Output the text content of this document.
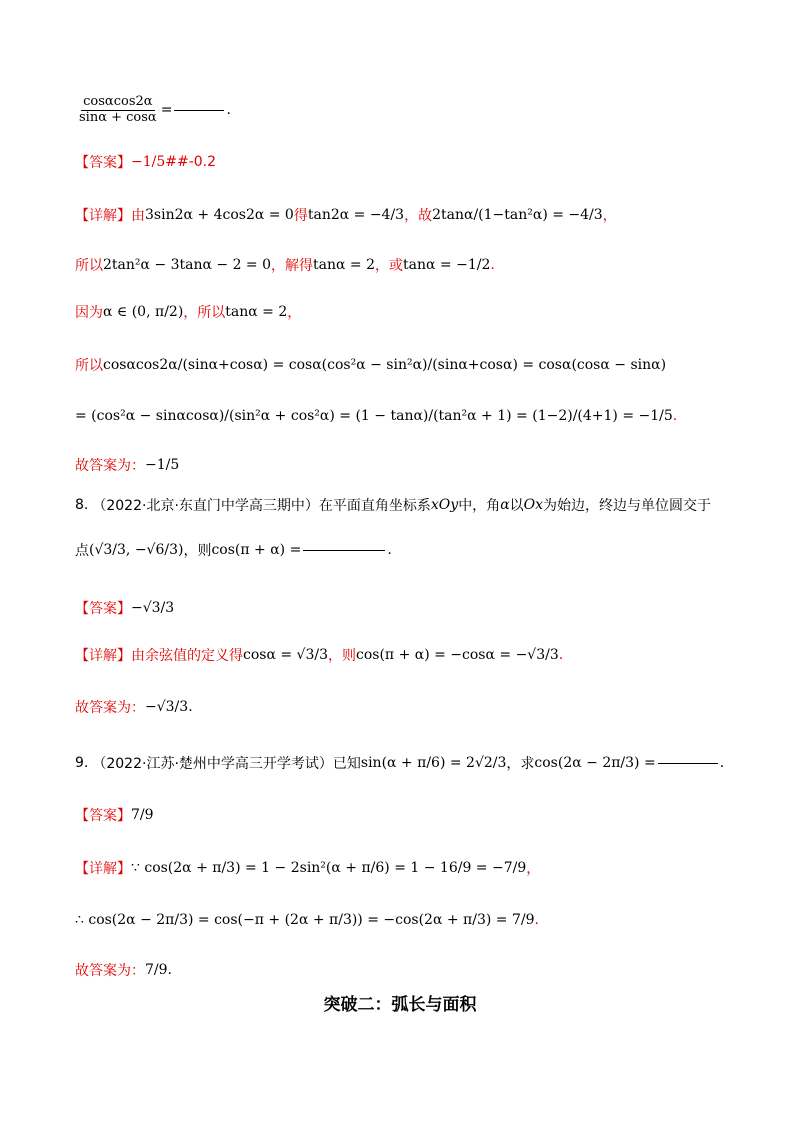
$\frac{\cos\alpha\cos 2\alpha}{\sin\alpha + \cos\alpha}$ =	.
【答案】 −1/5 ##-0.2
【详解】 由 3sin2α + 4cos2α = 0 得 tan2α = −4/3 ，故 2tanα/(1−tan²α) = −4/3 ，
所以 2tan²α − 3tanα − 2 = 0 ，解得 tanα = 2 ，或 tanα = −1/2 .
因为 α ∈ (0, π/2) ，所以 tanα = 2 ，
所以 cosαcos2α/(sinα+cosα) = cosα(cos²α − sin²α)/(sinα+cosα) = cosα(cosα − sinα)
= (cos²α − sinαcosα)/(sin²α + cos²α) = (1 − tanα)/(tan²α + 1) = (1−2)/(4+1) = −1/5 .
故答案为： −1/5
8. （2022·北京·东直门中学高三期中） 在平面直角坐标系 xOy 中，角 α 以 Ox 为始边，终边与单位圆交于
点 (√3/3, −√6/3) ，则 cos(π + α) =	.
【答案】 −√3/3
【详解】 由余弦值的定义得 cosα = √3/3 ，则 cos(π + α) = −cosα = −√3/3 .
故答案为： −√3/3 .
9. （2022·江苏·楚州中学高三开学考试） 已知 sin(α + π/6) = 2√2/3 ，求 cos(2α − 2π/3) =	.
【答案】 7/9
【详解】 ∵ cos(2α + π/3) = 1 − 2sin²(α + π/6) = 1 − 16/9 = −7/9 ，
∴ cos(2α − 2π/3) = cos(−π + (2α + π/3)) = −cos(2α + π/3) = 7/9 .
故答案为： 7/9 .
突破二：弧长与面积
